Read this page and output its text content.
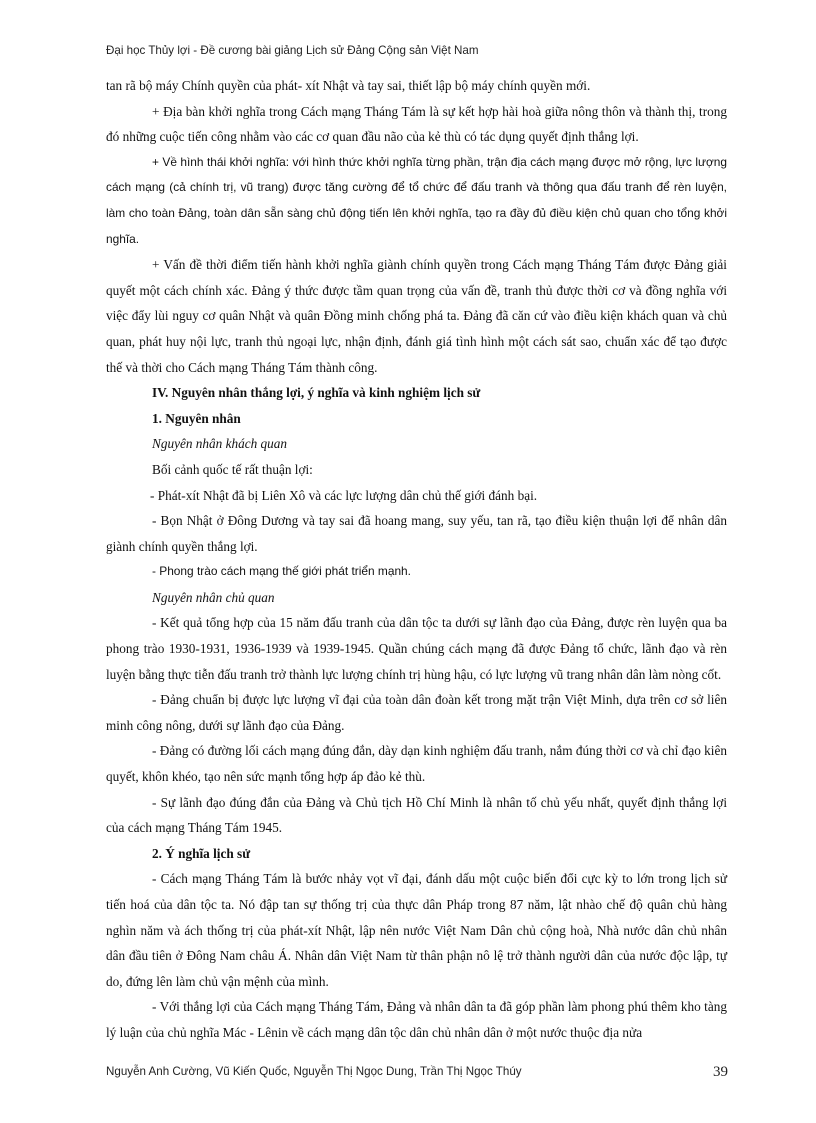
Đại học Thủy lợi - Đề cương bài giảng Lịch sử Đảng Cộng sản Việt Nam

tan rã bộ máy Chính quyền của phát- xít Nhật và tay sai, thiết lập bộ máy chính quyền mới.

+ Địa bàn khởi nghĩa trong Cách mạng Tháng Tám là sự kết hợp hài hoà giữa nông thôn và thành thị, trong đó những cuộc tiến công nhằm vào các cơ quan đầu não của kẻ thù có tác dụng quyết định thắng lợi.

+ Về hình thái khởi nghĩa: với hình thức khởi nghĩa từng phần, trận địa cách mạng được mở rộng, lực lượng cách mạng (cả chính trị, vũ trang) được tăng cường để tổ chức để đấu tranh và thông qua đấu tranh để rèn luyện, làm cho toàn Đảng, toàn dân sẵn sàng chủ động tiến lên khởi nghĩa, tạo ra đầy đủ điều kiện chủ quan cho tổng khởi nghĩa.

+ Vấn đề thời điểm tiến hành khởi nghĩa giành chính quyền trong Cách mạng Tháng Tám được Đảng giải quyết một cách chính xác. Đảng ý thức được tầm quan trọng của vấn đề, tranh thủ được thời cơ và đồng nghĩa với việc đẩy lùi nguy cơ quân Nhật và quân Đồng minh chống phá ta. Đảng đã căn cứ vào điều kiện khách quan và chủ quan, phát huy nội lực, tranh thủ ngoại lực, nhận định, đánh giá tình hình một cách sát sao, chuẩn xác để tạo được thế và thời cho Cách mạng Tháng Tám thành công.

IV. Nguyên nhân thắng lợi, ý nghĩa và kinh nghiệm lịch sử

1. Nguyên nhân

Nguyên nhân khách quan

Bối cảnh quốc tế rất thuận lợi:

- Phát-xít Nhật đã bị Liên Xô và các lực lượng dân chủ thế giới đánh bại.

- Bọn Nhật ở Đông Dương và tay sai đã hoang mang, suy yếu, tan rã, tạo điều kiện thuận lợi để nhân dân giành chính quyền thắng lợi.

- Phong trào cách mạng thế giới phát triển mạnh.

Nguyên nhân chủ quan

- Kết quả tổng hợp của 15 năm đấu tranh của dân tộc ta dưới sự lãnh đạo của Đảng, được rèn luyện qua ba phong trào 1930-1931, 1936-1939 và 1939-1945. Quần chúng cách mạng đã được Đảng tổ chức, lãnh đạo và rèn luyện bằng thực tiễn đấu tranh trở thành lực lượng chính trị hùng hậu, có lực lượng vũ trang nhân dân làm nòng cốt.

- Đảng chuẩn bị được lực lượng vĩ đại của toàn dân đoàn kết trong mặt trận Việt Minh, dựa trên cơ sở liên minh công nông, dưới sự lãnh đạo của Đảng.

- Đảng có đường lối cách mạng đúng đắn, dày dạn kinh nghiệm đấu tranh, nắm đúng thời cơ và chỉ đạo kiên quyết, khôn khéo, tạo nên sức mạnh tổng hợp áp đảo kẻ thù.

- Sự lãnh đạo đúng đắn của Đảng và Chủ tịch Hồ Chí Minh là nhân tố chủ yếu nhất, quyết định thắng lợi của cách mạng Tháng Tám 1945.

2. Ý nghĩa lịch sử

- Cách mạng Tháng Tám là bước nhảy vọt vĩ đại, đánh dấu một cuộc biến đổi cực kỳ to lớn trong lịch sử tiến hoá của dân tộc ta. Nó đập tan sự thống trị của thực dân Pháp trong 87 năm, lật nhào chế độ quân chủ hàng nghìn năm và ách thống trị của phát-xít Nhật, lập nên nước Việt Nam Dân chủ cộng hoà, Nhà nước dân chủ nhân dân đầu tiên ở Đông Nam châu Á. Nhân dân Việt Nam từ thân phận nô lệ trở thành người dân của nước độc lập, tự do, đứng lên làm chủ vận mệnh của mình.

- Với thắng lợi của Cách mạng Tháng Tám, Đảng và nhân dân ta đã góp phần làm phong phú thêm kho tàng lý luận của chủ nghĩa Mác - Lênin về cách mạng dân tộc dân chủ nhân dân ở một nước thuộc địa nửa

Nguyễn Anh Cường, Vũ Kiến Quốc, Nguyễn Thị Ngọc Dung, Trần Thị Ngọc Thúy	39
